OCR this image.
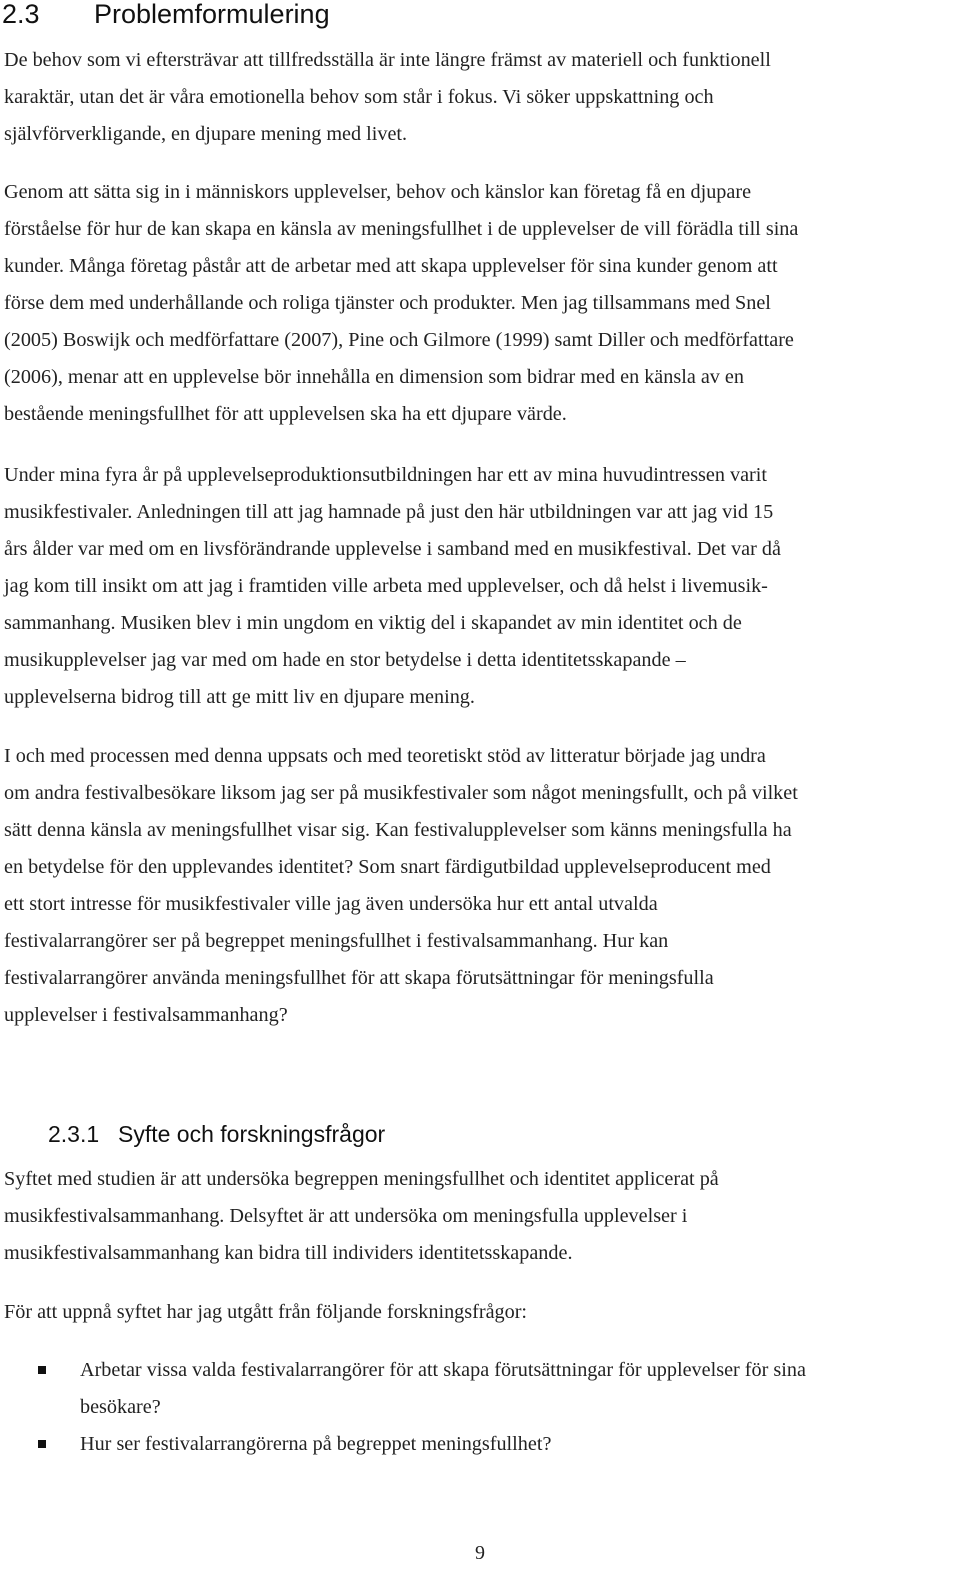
2.3 Problemformulering

De behov som vi eftersträvar att tillfredsställa är inte längre främst av materiell och funktionell
karaktär, utan det är våra emotionella behov som står i fokus. Vi söker uppskattning och
självförverkligande, en djupare mening med livet.

Genom att sätta sig in i människors upplevelser, behov och känslor kan företag få en djupare
förståelse för hur de kan skapa en känsla av meningsfullhet i de upplevelser de vill förädla till sina
kunder. Många företag påstår att de arbetar med att skapa upplevelser för sina kunder genom att
förse dem med underhållande och roliga tjänster och produkter. Men jag tillsammans med Snel
(2005) Boswijk och medförfattare (2007), Pine och Gilmore (1999) samt Diller och medförfattare
(2006), menar att en upplevelse bör innehålla en dimension som bidrar med en känsla av en
bestående meningsfullhet för att upplevelsen ska ha ett djupare värde.

Under mina fyra år på upplevelseproduktionsutbildningen har ett av mina huvudintressen varit
musikfestivaler. Anledningen till att jag hamnade på just den här utbildningen var att jag vid 15
års ålder var med om en livsförändrande upplevelse i samband med en musikfestival. Det var då
jag kom till insikt om att jag i framtiden ville arbeta med upplevelser, och då helst i livemusik-
sammanhang. Musiken blev i min ungdom en viktig del i skapandet av min identitet och de
musikupplevelser jag var med om hade en stor betydelse i detta identitetsskapande –
upplevelserna bidrog till att ge mitt liv en djupare mening.

I och med processen med denna uppsats och med teoretiskt stöd av litteratur började jag undra
om andra festivalbesökare liksom jag ser på musikfestivaler som något meningsfullt, och på vilket
sätt denna känsla av meningsfullhet visar sig. Kan festivalupplevelser som känns meningsfulla ha
en betydelse för den upplevandes identitet? Som snart färdigutbildad upplevelseproducent med
ett stort intresse för musikfestivaler ville jag även undersöka hur ett antal utvalda
festivalarrangörer ser på begreppet meningsfullhet i festivalsammanhang. Hur kan
festivalarrangörer använda meningsfullhet för att skapa förutsättningar för meningsfulla
upplevelser i festivalsammanhang?

2.3.1 Syfte och forskningsfrågor

Syftet med studien är att undersöka begreppen meningsfullhet och identitet applicerat på
musikfestivalsammanhang. Delsyftet är att undersöka om meningsfulla upplevelser i
musikfestivalsammanhang kan bidra till individers identitetsskapande.

För att uppnå syftet har jag utgått från följande forskningsfrågor:

Arbetar vissa valda festivalarrangörer för att skapa förutsättningar för upplevelser för sina
besökare?
Hur ser festivalarrangörerna på begreppet meningsfullhet?
9
